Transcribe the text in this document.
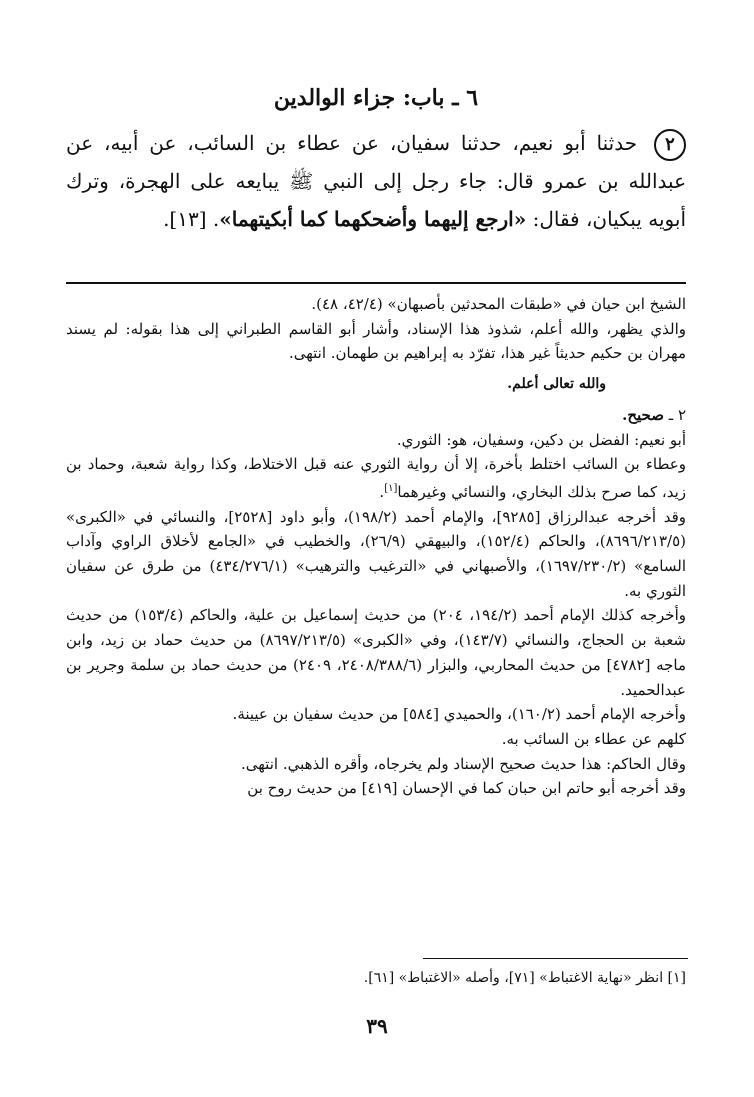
٦ ـ باب: جزاء الوالدين
٢ حدثنا أبو نعيم، حدثنا سفيان، عن عطاء بن السائب، عن أبيه، عن عبدالله بن عمرو قال: جاء رجل إلى النبي ﷺ يبايعه على الهجرة، وترك أبويه يبكيان، فقال: «ارجع إليهما وأضحكهما كما أبكيتهما». [١٣].

الشيخ ابن حيان في «طبقات المحدثين بأصبهان» (٤٢/٤، ٤٨).

والذي يظهر، والله أعلم، شذوذ هذا الإسناد، وأشار أبو القاسم الطبراني إلى هذا بقوله: لم يسند مهران بن حكيم حديثاً غير هذا، تفرّد به إبراهيم بن طهمان. انتهى.

والله تعالى أعلم.

٢ ـ صحيح.

أبو نعيم: الفضل بن دكين، وسفيان، هو: الثوري.

وعطاء بن السائب اختلط بأخرة، إلا أن رواية الثوري عنه قبل الاختلاط، وكذا رواية شعبة، وحماد بن زيد، كما صرح بذلك البخاري، والنسائي وغيرهما[١].

وقد أخرجه عبدالرزاق [٩٢٨٥]، والإمام أحمد (١٩٨/٢)، وأبو داود [٢٥٢٨]، والنسائي في «الكبرى» (٨٦٩٦/٢١٣/٥)، والحاكم (١٥٢/٤)، والبيهقي (٢٦/٩)، والخطيب في «الجامع لأخلاق الراوي وآداب السامع» (١٦٩٧/٢٣٠/٢)، والأصبهاني في «الترغيب والترهيب» (٤٣٤/٢٧٦/١) من طرق عن سفيان الثوري به.

وأخرجه كذلك الإمام أحمد (١٩٤/٢، ٢٠٤) من حديث إسماعيل بن علية، والحاكم (١٥٣/٤) من حديث شعبة بن الحجاج، والنسائي (١٤٣/٧)، وفي «الكبرى» (٨٦٩٧/٢١٣/٥) من حديث حماد بن زيد، وابن ماجه [٤٧٨٢] من حديث المحاربي، والبزار (٢٤٠٨/٣٨٨/٦، ٢٤٠٩) من حديث حماد بن سلمة وجرير بن عبدالحميد.

وأخرجه الإمام أحمد (١٦٠/٢)، والحميدي [٥٨٤] من حديث سفيان بن عيينة.

كلهم عن عطاء بن السائب به.

وقال الحاكم: هذا حديث صحيح الإسناد ولم يخرجاه، وأقره الذهبي. انتهى.

وقد أخرجه أبو حاتم ابن حبان كما في الإحسان [٤١٩] من حديث روح بن

[١] انظر «نهاية الاغتباط» [٧١]، وأصله «الاغتباط» [٦١].
٣٩
